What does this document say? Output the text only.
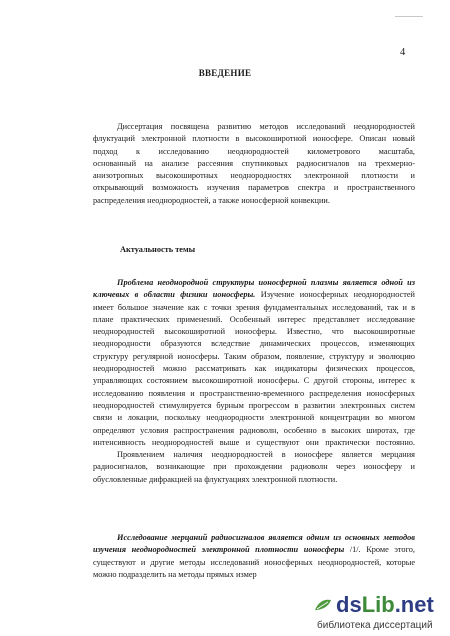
4
ВВЕДЕНИЕ
Диссертация посвящена развитию методов исследований неоднородностей
флуктуаций электронной плотности в высокоширотной ионосфере. Описан новый
подход к исследованию неоднородностей километрового масштаба,
основанный на анализе рассеяния спутниковых радиосигналов на трехмерно-
анизотропных высокоширотных неоднородностях электронной плотности и
открывающий возможность изучения параметров спектра и пространственного
распределения неоднородностей, а также ионосферной конвекции.
Актуальность темы
Проблема неоднородной структуры ионосферной плазмы является одной из
ключевых в области физики ионосферы. Изучение ионосферных неоднородностей
имеет большое значение как с точки зрения фундаментальных исследований, так и в
плане практических применений. Особенный интерес представляет исследование
неоднородностей высокоширотной ионосферы. Известно, что высокоширотные
неоднородности образуются вследствие динамических процессов, изменяющих
структуру регулярной ионосферы. Таким образом, появление, структуру и эволюцию
неоднородностей можно рассматривать как индикаторы физических процессов,
управляющих состоянием высокоширотной ионосферы. С другой стороны, интерес к
исследованию появления и пространственно-временного распределения ионосферных
неоднородностей стимулируется бурным прогрессом в развитии электронных систем
связи и локации, поскольку неоднородности электронной концентрации во многом
определяют условия распространения радиоволн, особенно в высоких широтах, где
интенсивность неоднородностей выше и существуют они практически постоянно.
Проявлением наличия неоднородностей в ионосфере является мерцания
радиосигналов, возникающие при прохождении радиоволн через ионосферу и
обусловленные дифракцией на флуктуациях электронной плотности.
Исследование мерцаний радиосигналов является одним из основных методов
изучения неоднородностей электронной плотности ионосферы /1/. Кроме этого,
существуют и другие методы исследований ионосферных неоднородностей, которые
можно подразделить на методы прямых измер
dsLib.net
библиотека диссертаций
